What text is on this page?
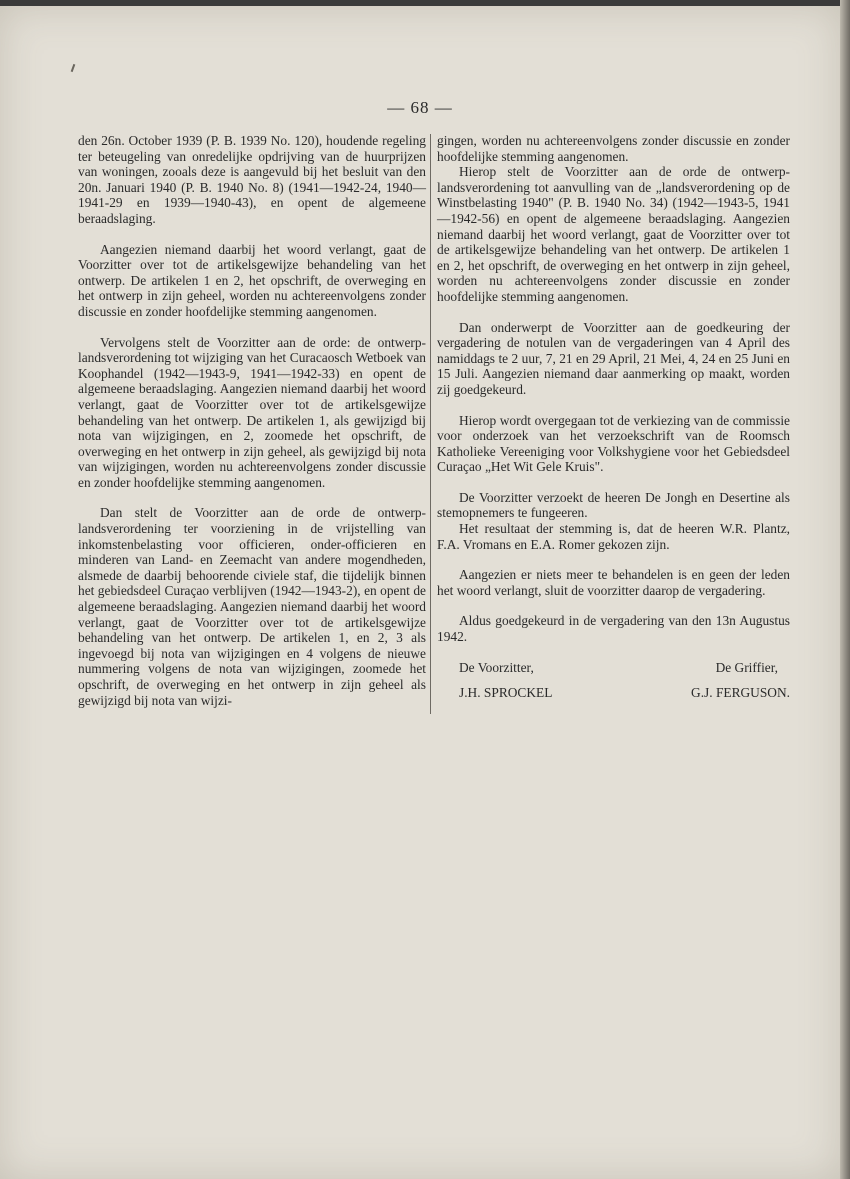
— 68 —

den 26n. October 1939 (P. B. 1939 No. 120), houdende regeling ter beteugeling van onredelijke opdrijving van de huurprijzen van woningen, zooals deze is aangevuld bij het besluit van den 20n. Januari 1940 (P. B. 1940 No. 8) (1941—1942-24, 1940—1941-29 en 1939—1940-43), en opent de algemeene beraadslaging.

Aangezien niemand daarbij het woord verlangt, gaat de Voorzitter over tot de artikelsgewijze behandeling van het ontwerp. De artikelen 1 en 2, het opschrift, de overweging en het ontwerp in zijn geheel, worden nu achtereenvolgens zonder discussie en zonder hoofdelijke stemming aangenomen.

Vervolgens stelt de Voorzitter aan de orde: de ontwerp-landsverordening tot wijziging van het Curacaosch Wetboek van Koophandel (1942—1943-9, 1941—1942-33) en opent de algemeene beraadslaging. Aangezien niemand daarbij het woord verlangt, gaat de Voorzitter over tot de artikelsgewijze behandeling van het ontwerp. De artikelen 1, als gewijzigd bij nota van wijzigingen, en 2, zoomede het opschrift, de overweging en het ontwerp in zijn geheel, als gewijzigd bij nota van wijzigingen, worden nu achtereenvolgens zonder discussie en zonder hoofdelijke stemming aangenomen.

Dan stelt de Voorzitter aan de orde de ontwerp-landsverordening ter voorziening in de vrijstelling van inkomstenbelasting voor officieren, onder-officieren en minderen van Land- en Zeemacht van andere mogendheden, alsmede de daarbij behoorende civiele staf, die tijdelijk binnen het gebiedsdeel Curaçao verblijven (1942—1943-2), en opent de algemeene beraadslaging. Aangezien niemand daarbij het woord verlangt, gaat de Voorzitter over tot de artikelsgewijze behandeling van het ontwerp. De artikelen 1, en 2, 3 als ingevoegd bij nota van wijzigingen en 4 volgens de nieuwe nummering volgens de nota van wijzigingen, zoomede het opschrift, de overweging en het ontwerp in zijn geheel als gewijzigd bij nota van wijzi-

gingen, worden nu achtereenvolgens zonder discussie en zonder hoofdelijke stemming aangenomen.

Hierop stelt de Voorzitter aan de orde de ontwerp-landsverordening tot aanvulling van de „landsverordening op de Winstbelasting 1940" (P. B. 1940 No. 34) (1942—1943-5, 1941—1942-56) en opent de algemeene beraadslaging. Aangezien niemand daarbij het woord verlangt, gaat de Voorzitter over tot de artikelsgewijze behandeling van het ontwerp. De artikelen 1 en 2, het opschrift, de overweging en het ontwerp in zijn geheel, worden nu achtereenvolgens zonder discussie en zonder hoofdelijke stemming aangenomen.

Dan onderwerpt de Voorzitter aan de goedkeuring der vergadering de notulen van de vergaderingen van 4 April des namiddags te 2 uur, 7, 21 en 29 April, 21 Mei, 4, 24 en 25 Juni en 15 Juli. Aangezien niemand daar aanmerking op maakt, worden zij goedgekeurd.

Hierop wordt overgegaan tot de verkiezing van de commissie voor onderzoek van het verzoekschrift van de Roomsch Katholieke Vereeniging voor Volkshygiene voor het Gebiedsdeel Curaçao „Het Wit Gele Kruis".

De Voorzitter verzoekt de heeren De Jongh en Desertine als stemopnemers te fungeeren.

Het resultaat der stemming is, dat de heeren W.R. Plantz, F.A. Vromans en E.A. Romer gekozen zijn.

Aangezien er niets meer te behandelen is en geen der leden het woord verlangt, sluit de voorzitter daarop de vergadering.

Aldus goedgekeurd in de vergadering van den 13n Augustus 1942.

De Voorzitter,	De Griffier,
J.H. SPROCKEL	G.J. FERGUSON.
